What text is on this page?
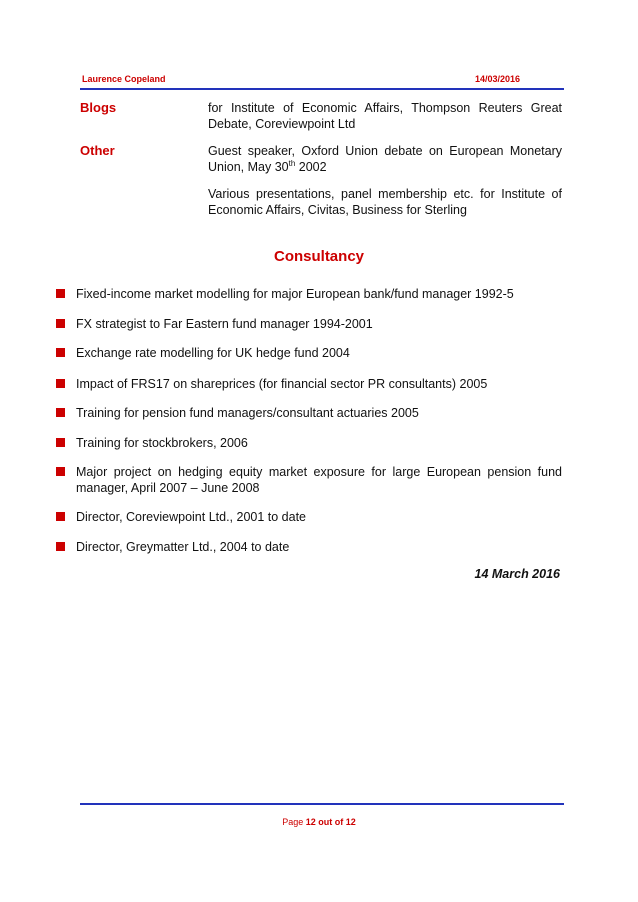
Laurence Copeland	14/03/2016
Blogs	for Institute of Economic Affairs, Thompson Reuters Great Debate, Coreviewpoint Ltd
Other	Guest speaker, Oxford Union debate on European Monetary Union, May 30th 2002
Various presentations, panel membership etc. for Institute of Economic Affairs, Civitas, Business for Sterling
Consultancy
Fixed-income market modelling for major European bank/fund manager 1992-5
FX strategist to Far Eastern fund manager 1994-2001
Exchange rate modelling for UK hedge fund 2004
Impact of FRS17 on shareprices (for financial sector PR consultants) 2005
Training for pension fund managers/consultant actuaries 2005
Training for stockbrokers, 2006
Major project on hedging equity market exposure for large European pension fund manager, April 2007 – June 2008
Director, Coreviewpoint Ltd., 2001 to date
Director, Greymatter Ltd., 2004 to date
14 March 2016
Page 12 out of 12
